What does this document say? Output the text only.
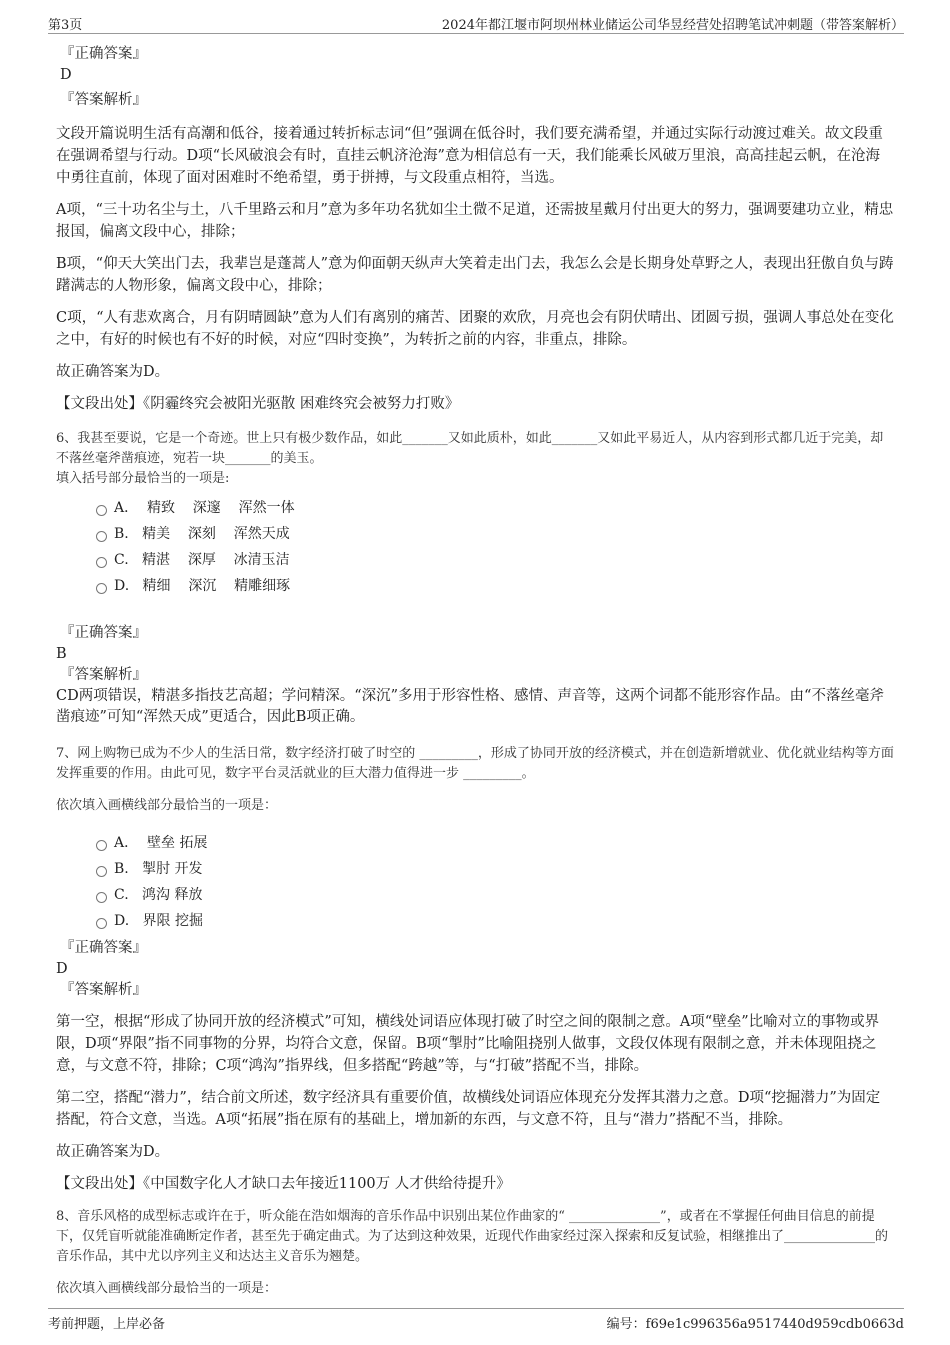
第3页	2024年都江堰市阿坝州林业储运公司华昱经营处招聘笔试冲刺题（带答案解析）

『正确答案』

D

『答案解析』

文段开篇说明生活有高潮和低谷，接着通过转折标志词“但”强调在低谷时，我们要充满希望，并通过实际行动渡过难关。故文段重在强调希望与行动。D项“长风破浪会有时，直挂云帆济沧海”意为相信总有一天，我们能乘长风破万里浪，高高挂起云帆，在沧海中勇往直前，体现了面对困难时不绝希望，勇于拼搏，与文段重点相符，当选。

A项，“三十功名尘与土，八千里路云和月”意为多年功名犹如尘土微不足道，还需披星戴月付出更大的努力，强调要建功立业，精忠报国，偏离文段中心，排除；

B项，“仰天大笑出门去，我辈岂是蓬蒿人”意为仰面朝天纵声大笑着走出门去，我怎么会是长期身处草野之人，表现出狂傲自负与踌躇满志的人物形象，偏离文段中心，排除；

C项，“人有悲欢离合，月有阴晴圆缺”意为人们有离别的痛苦、团聚的欢欣，月亮也会有阴伏晴出、团圆亏损，强调人事总处在变化之中，有好的时候也有不好的时候，对应“四时变换”，为转折之前的内容，非重点，排除。

故正确答案为D。

【文段出处】《阴霾终究会被阳光驱散 困难终究会被努力打败》

6、我甚至要说，它是一个奇迹。世上只有极少数作品，如此_______又如此质朴，如此_______又如此平易近人，从内容到形式都几近于完美，却不落丝毫斧凿痕迹，宛若一块_______的美玉。

填入括号部分最恰当的一项是:

A．  精致    深邃    浑然一体
B.   精美    深刻    浑然天成
C.   精湛    深厚    冰清玉洁
D.   精细    深沉    精雕细琢

『正确答案』

B

『答案解析』

CD两项错误，精湛多指技艺高超；学问精深。“深沉”多用于形容性格、感情、声音等，这两个词都不能形容作品。由“不落丝毫斧凿痕迹”可知“浑然天成”更适合，因此B项正确。

7、网上购物已成为不少人的生活日常，数字经济打破了时空的 _________，形成了协同开放的经济模式，并在创造新增就业、优化就业结构等方面发挥重要的作用。由此可见，数字平台灵活就业的巨大潜力值得进一步 _________。

依次填入画横线部分最恰当的一项是：

A．  壁垒 拓展
B.   掣肘 开发
C.   鸿沟 释放
D.   界限 挖掘

『正确答案』

D

『答案解析』

第一空，根据“形成了协同开放的经济模式”可知，横线处词语应体现打破了时空之间的限制之意。A项“壁垒”比喻对立的事物或界限，D项“界限”指不同事物的分界，均符合文意，保留。B项“掣肘”比喻阻挠别人做事，文段仅体现有限制之意，并未体现阻挠之意，与文意不符，排除；C项“鸿沟”指界线，但多搭配“跨越”等，与“打破”搭配不当，排除。

第二空，搭配“潜力”，结合前文所述，数字经济具有重要价值，故横线处词语应体现充分发挥其潜力之意。D项“挖掘潜力”为固定搭配，符合文意，当选。A项“拓展”指在原有的基础上，增加新的东西，与文意不符，且与“潜力”搭配不当，排除。

故正确答案为D。

【文段出处】《中国数字化人才缺口去年接近1100万 人才供给待提升》

8、音乐风格的成型标志或许在于，听众能在浩如烟海的音乐作品中识别出某位作曲家的“ ______________”，或者在不掌握任何曲目信息的前提下，仅凭盲听就能准确断定作者，甚至先于确定曲式。为了达到这种效果，近现代作曲家经过深入探索和反复试验，相继推出了______________的音乐作品，其中尤以序列主义和达达主义音乐为翘楚。

依次填入画横线部分最恰当的一项是：

考前押题，上岸必备	编号：f69e1c996356a9517440d959cdb0663d
